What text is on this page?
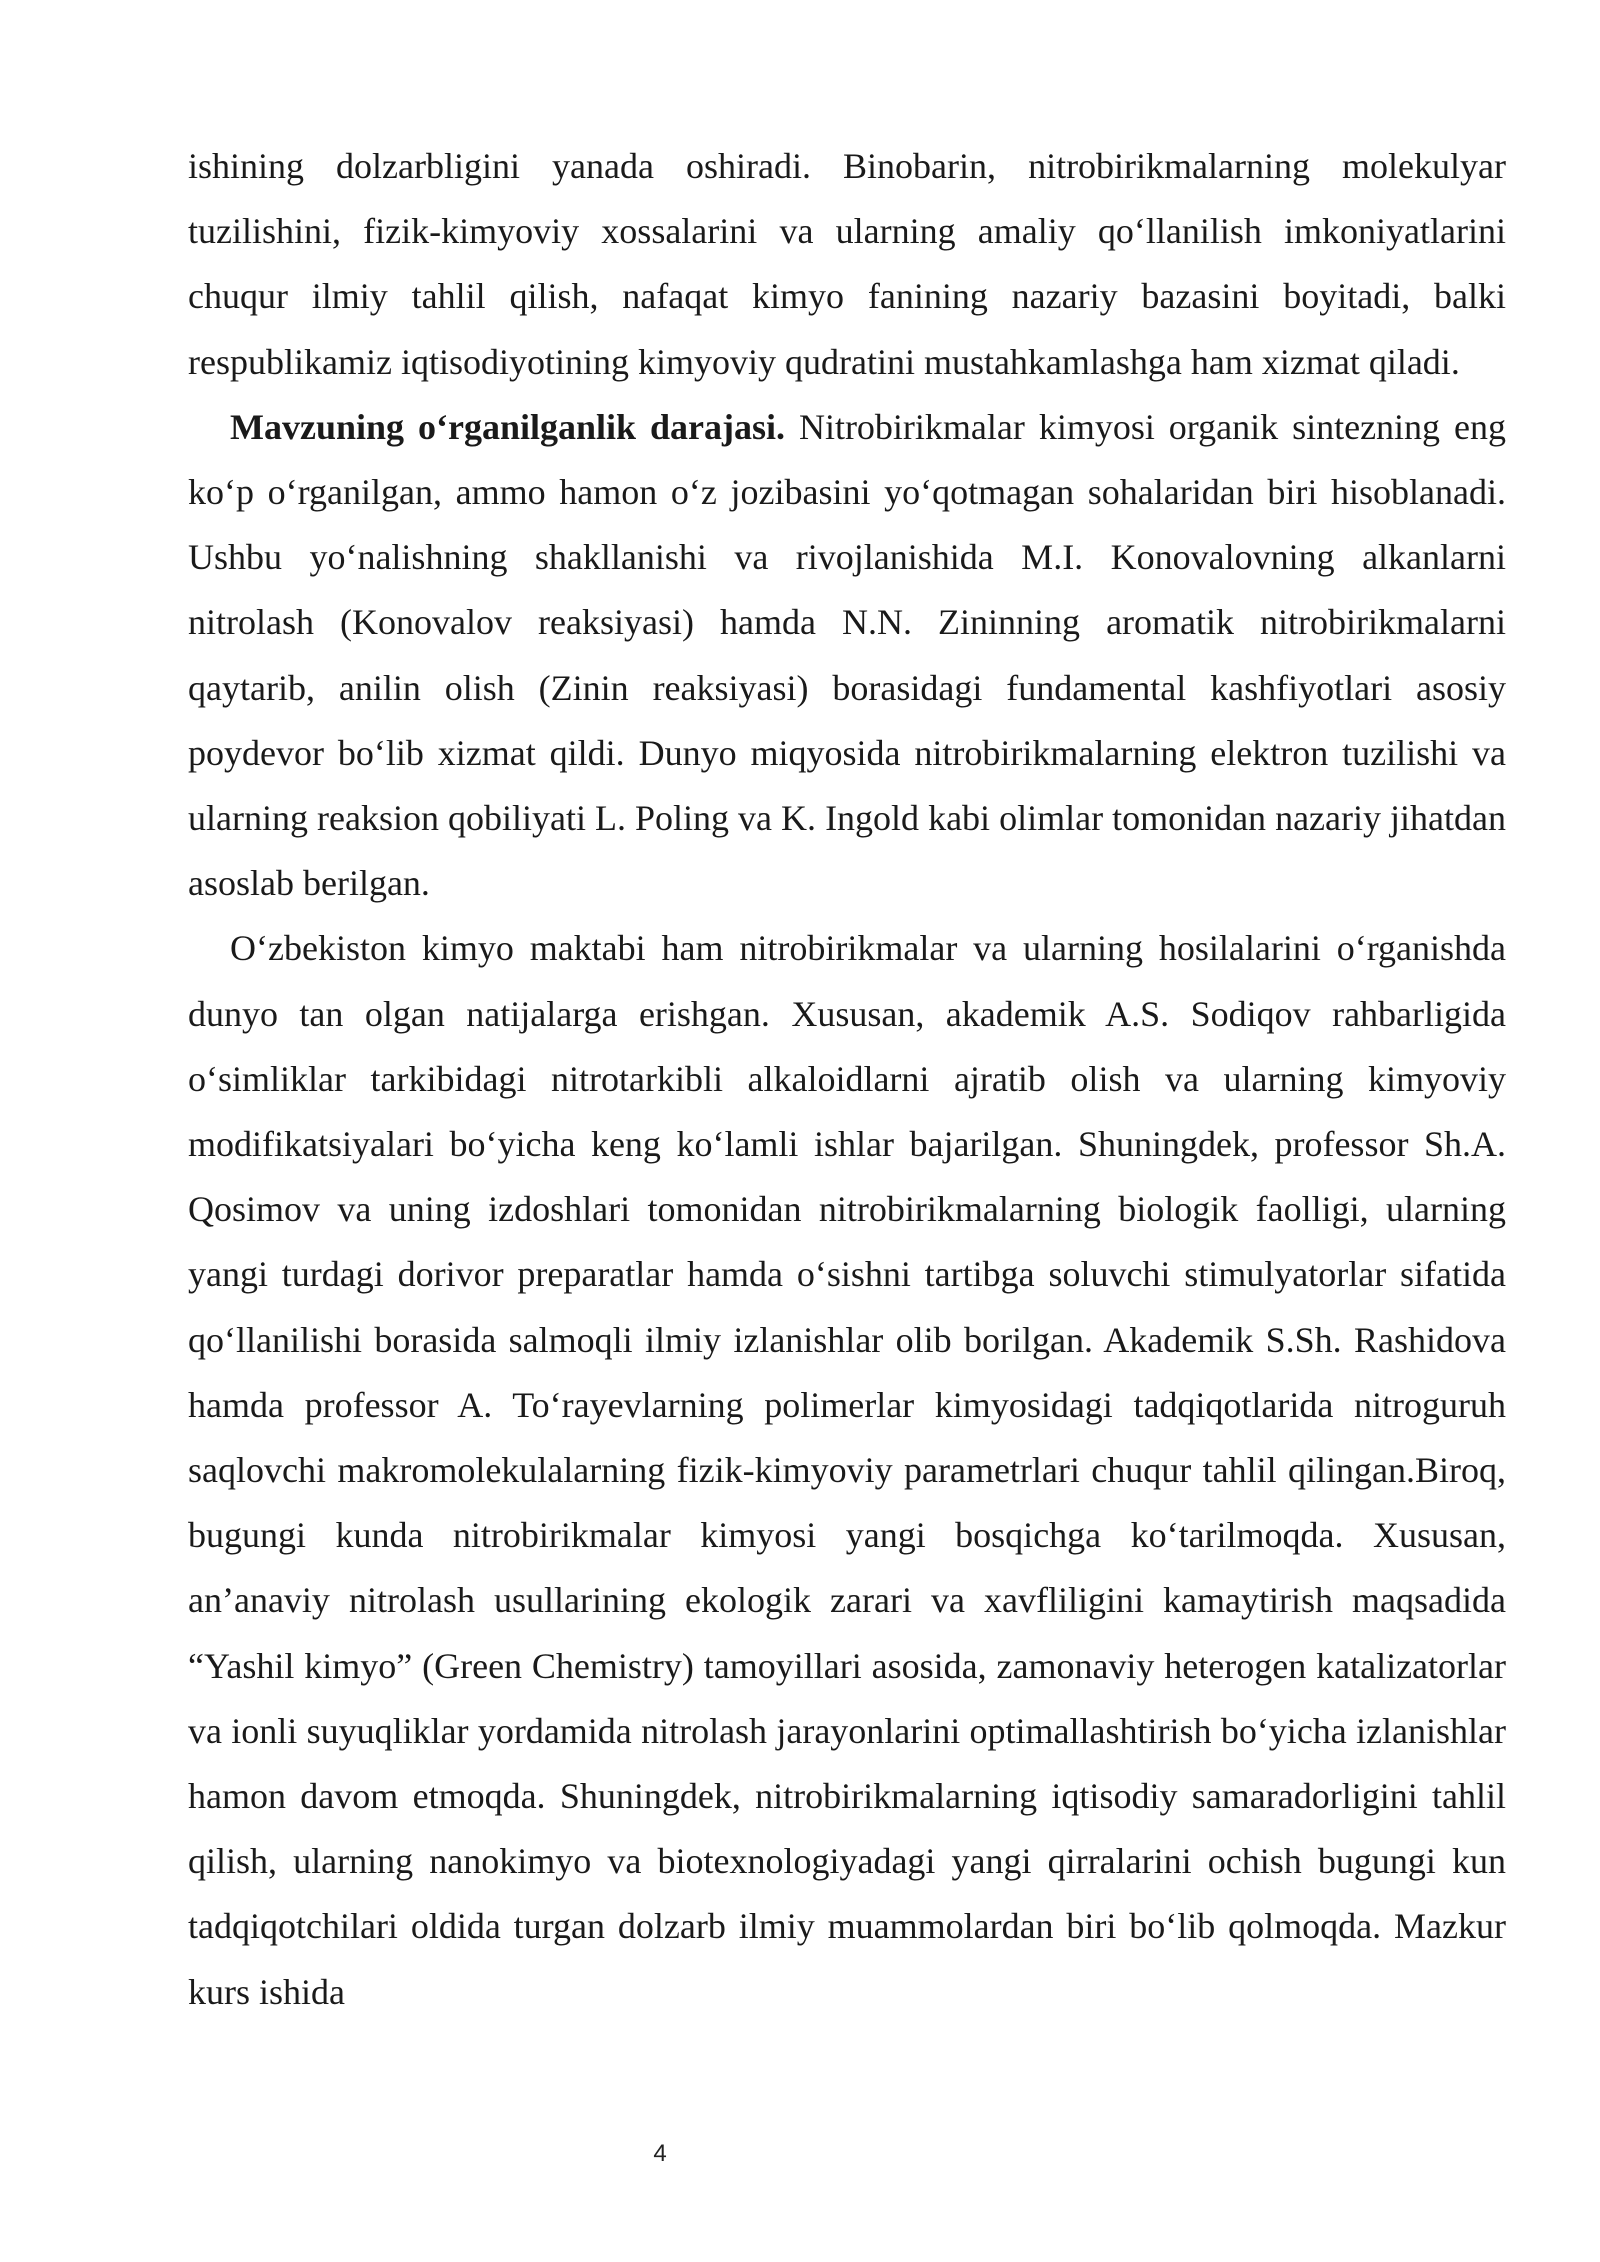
ishining dolzarbligini yanada oshiradi. Binobarin, nitrobirikmalarning molekulyar tuzilishini, fizik-kimyoviy xossalarini va ularning amaliy qo‘llanilish imkoniyatlarini chuqur ilmiy tahlil qilish, nafaqat kimyo fanining nazariy bazasini boyitadi, balki respublikamiz iqtisodiyotining kimyoviy qudratini mustahkamlashga ham xizmat qiladi.

Mavzuning o‘rganilganlik darajasi. Nitrobirikmalar kimyosi organik sintezning eng ko‘p o‘rganilgan, ammo hamon o‘z jozibasini yo‘qotmagan sohalaridan biri hisoblanadi. Ushbu yo‘nalishning shakllanishi va rivojlanishida M.I. Konovalovning alkanlarni nitrolash (Konovalov reaksiyasi) hamda N.N. Zininning aromatik nitrobirikmalarni qaytarib, anilin olish (Zinin reaksiyasi) borasidagi fundamental kashfiyotlari asosiy poydevor bo‘lib xizmat qildi. Dunyo miqyosida nitrobirikmalarning elektron tuzilishi va ularning reaksion qobiliyati L. Poling va K. Ingold kabi olimlar tomonidan nazariy jihatdan asoslab berilgan.

O‘zbekiston kimyo maktabi ham nitrobirikmalar va ularning hosilalarini o‘rganishda dunyo tan olgan natijalarga erishgan. Xususan, akademik A.S. Sodiqov rahbarligida o‘simliklar tarkibidagi nitrotarkibli alkaloidlarni ajratib olish va ularning kimyoviy modifikatsiyalari bo‘yicha keng ko‘lamli ishlar bajarilgan. Shuningdek, professor Sh.A. Qosimov va uning izdoshlari tomonidan nitrobirikmalarning biologik faolligi, ularning yangi turdagi dorivor preparatlar hamda o‘sishni tartibga soluvchi stimulyatorlar sifatida qo‘llanilishi borasida salmoqli ilmiy izlanishlar olib borilgan. Akademik S.Sh. Rashidova hamda professor A. To‘rayevlarning polimerlar kimyosidagi tadqiqotlarida nitroguruh saqlovchi makromolekulalarning fizik-kimyoviy parametrlari chuqur tahlil qilingan.Biroq, bugungi kunda nitrobirikmalar kimyosi yangi bosqichga ko‘tarilmoqda. Xususan, an’anaviy nitrolash usullarining ekologik zarari va xavfliligini kamaytirish maqsadida “Yashil kimyo” (Green Chemistry) tamoyillari asosida, zamonaviy heterogen katalizatorlar va ionli suyuqliklar yordamida nitrolash jarayonlarini optimallashtirish bo‘yicha izlanishlar hamon davom etmoqda. Shuningdek, nitrobirikmalarning iqtisodiy samaradorligini tahlil qilish, ularning nanokimyo va biotexnologiyadagi yangi qirralarini ochish bugungi kun tadqiqotchilari oldida turgan dolzarb ilmiy muammolardan biri bo‘lib qolmoqda. Mazkur kurs ishida

4
